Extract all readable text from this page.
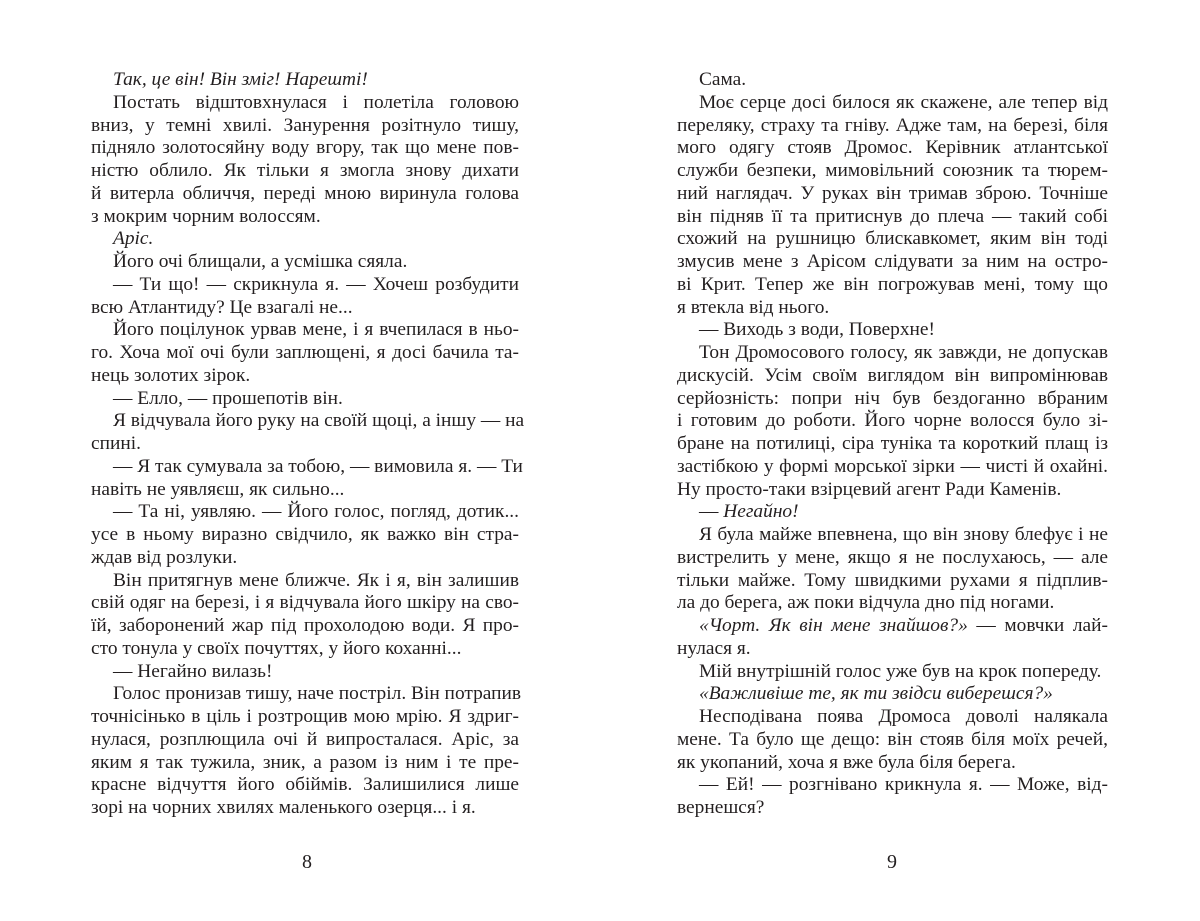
Так, це він! Він зміг! Нарешті!
Постать відштовхнулася і полетіла головою
вниз, у темні хвилі. Занурення розітнуло тишу,
підняло золотосяйну воду вгору, так що мене пов-
ністю облило. Як тільки я змогла знову дихати
й витерла обличчя, переді мною виринула голова
з мокрим чорним волоссям.
Аріс.
Його очі блищали, а усмішка сяяла.
— Ти що! — скрикнула я. — Хочеш розбудити
всю Атлантиду? Це взагалі не...
Його поцілунок урвав мене, і я вчепилася в ньо-
го. Хоча мої очі були заплющені, я досі бачила та-
нець золотих зірок.
— Елло, — прошепотів він.
Я відчувала його руку на своїй щоці, а іншу — на
спині.
— Я так сумувала за тобою, — вимовила я. — Ти
навіть не уявляєш, як сильно...
— Та ні, уявляю. — Його голос, погляд, дотик...
усе в ньому виразно свідчило, як важко він стра-
ждав від розлуки.
Він притягнув мене ближче. Як і я, він залишив
свій одяг на березі, і я відчувала його шкіру на сво-
їй, заборонений жар під прохолодою води. Я про-
сто тонула у своїх почуттях, у його коханні...
— Негайно вилазь!
Голос пронизав тишу, наче постріл. Він потрапив
точнісінько в ціль і розтрощив мою мрію. Я здриг-
нулася, розплющила очі й випросталася. Аріс, за
яким я так тужила, зник, а разом із ним і те пре-
красне відчуття його обіймів. Залишилися лише
зорі на чорних хвилях маленького озерця... і я.
8
Сама.
Моє серце досі билося як скажене, але тепер від
переляку, страху та гніву. Адже там, на березі, біля
мого одягу стояв Дромос. Керівник атлантської
служби безпеки, мимовільний союзник та тюрем-
ний наглядач. У руках він тримав зброю. Точніше
він підняв її та притиснув до плеча — такий собі
схожий на рушницю блискавкомет, яким він тоді
змусив мене з Арісом слідувати за ним на остро-
ві Крит. Тепер же він погрожував мені, тому що
я втекла від нього.
— Виходь з води, Поверхне!
Тон Дромосового голосу, як завжди, не допускав
дискусій. Усім своїм виглядом він випромінював
серйозність: попри ніч був бездоганно вбраним
і готовим до роботи. Його чорне волосся було зі-
бране на потилиці, сіра туніка та короткий плащ із
застібкою у формі морської зірки — чисті й охайні.
Ну просто-таки взірцевий агент Ради Каменів.
— Негайно!
Я була майже впевнена, що він знову блефує і не
вистрелить у мене, якщо я не послухаюсь, — але
тільки майже. Тому швидкими рухами я підплив-
ла до берега, аж поки відчула дно під ногами.
«Чорт. Як він мене знайшов?» — мовчки лай-
нулася я.
Мій внутрішній голос уже був на крок попереду.
«Важливіше те, як ти звідси виберешся?»
Несподівана поява Дромоса доволі налякала
мене. Та було ще дещо: він стояв біля моїх речей,
як укопаний, хоча я вже була біля берега.
— Ей! — розгнівано крикнула я. — Може, від-
вернешся?
9
